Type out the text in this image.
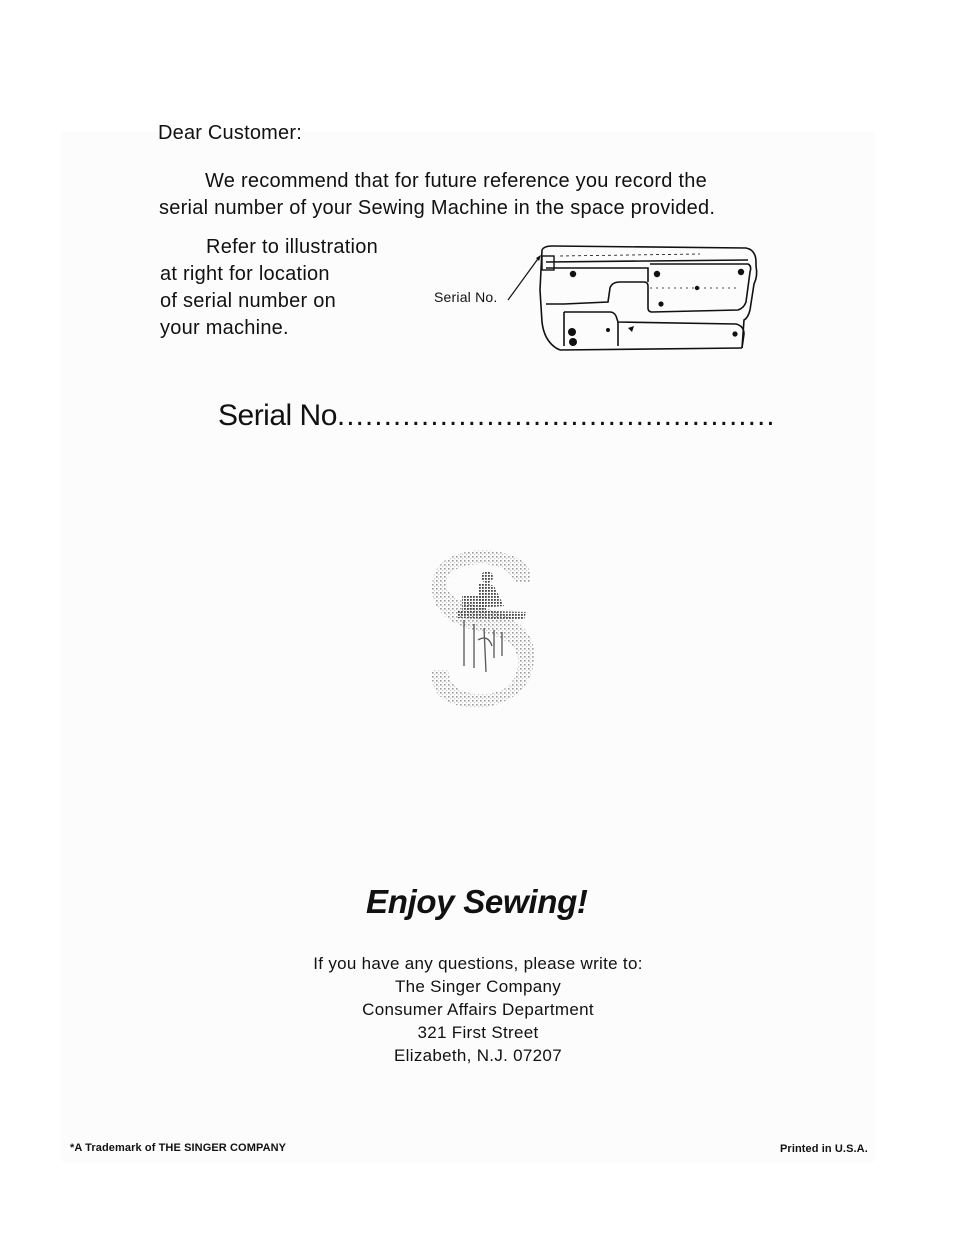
Dear Customer:
We recommend that for future reference you record the
serial number of your Sewing Machine in the space provided.
Refer to illustration
at right for location
of serial number on
your machine.
Serial No.
Serial No...............................................
Enjoy Sewing!
If you have any questions, please write to:
The Singer Company
Consumer Affairs Department
321 First Street
Elizabeth, N.J. 07207
*A Trademark of THE SINGER COMPANY	Printed in U.S.A.
